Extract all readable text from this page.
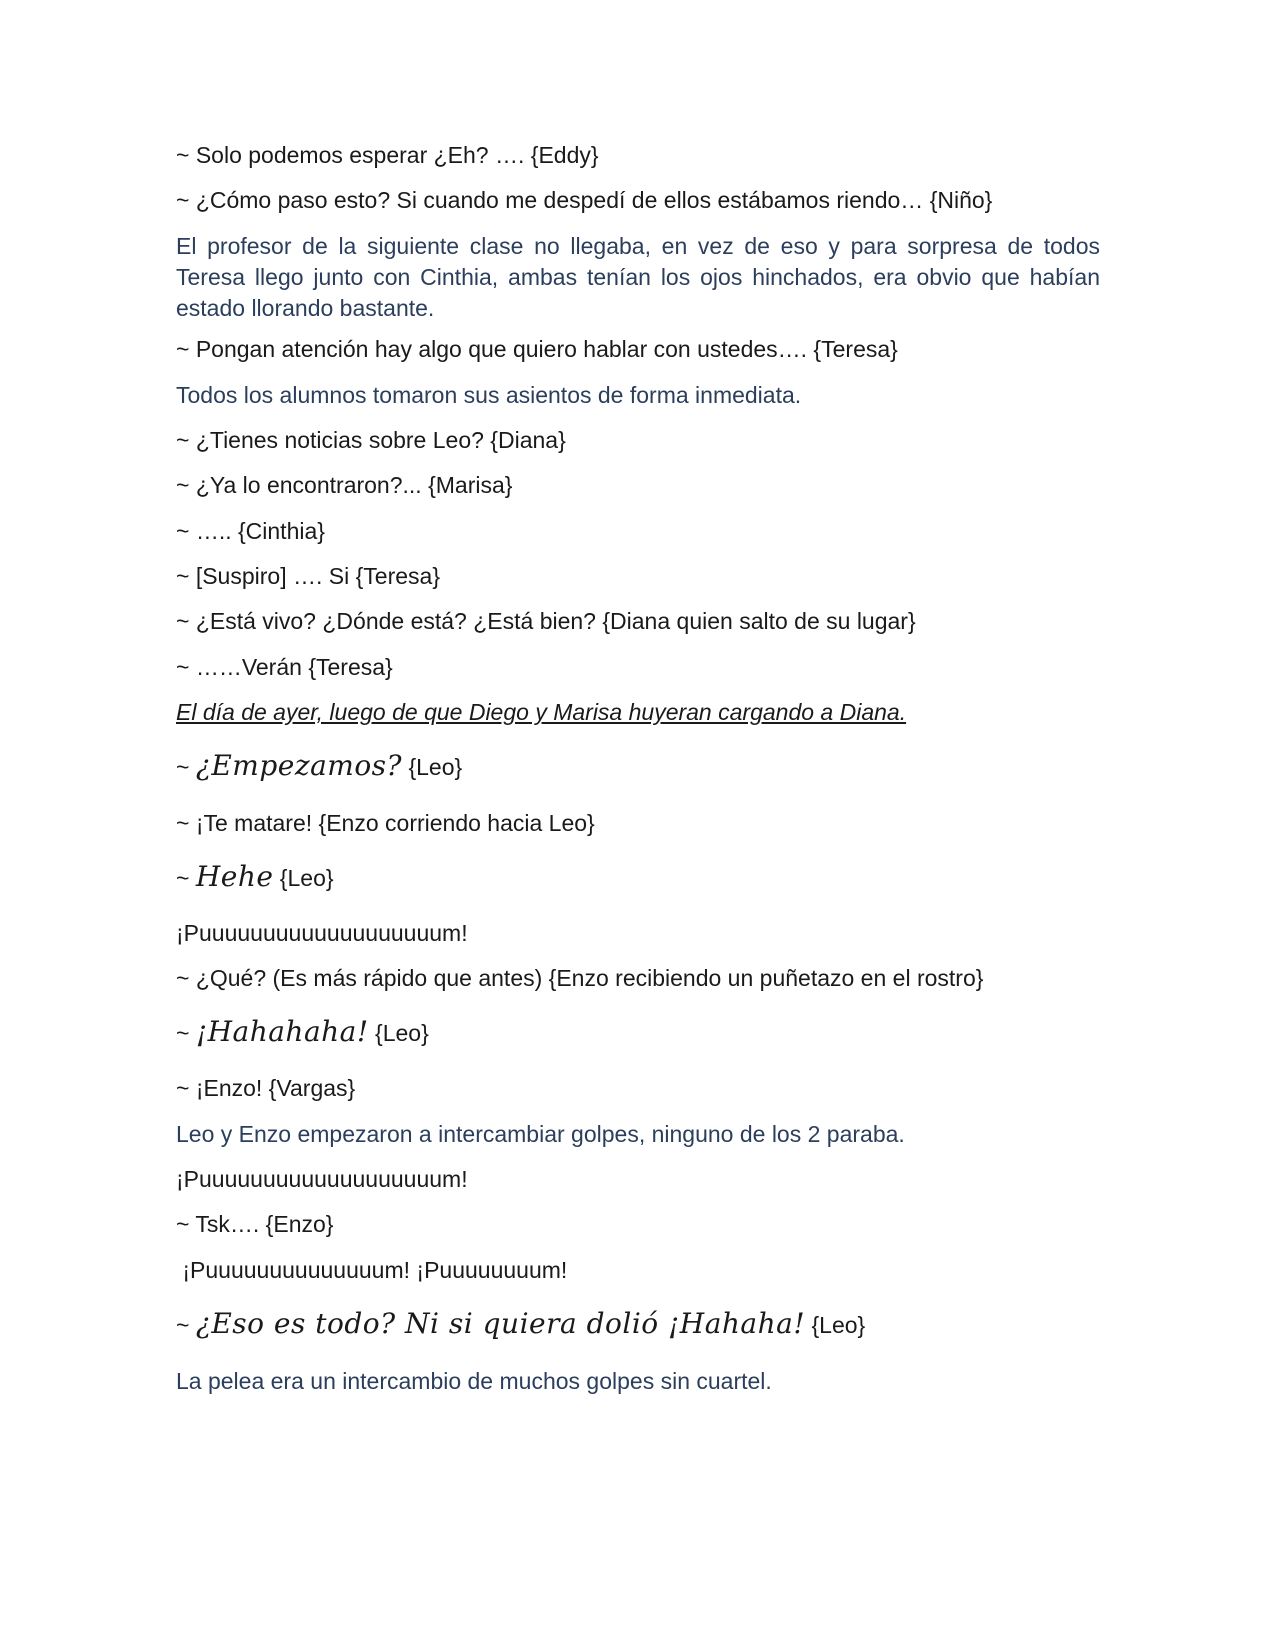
~ Solo podemos esperar ¿Eh? …. {Eddy}
~ ¿Cómo paso esto? Si cuando me despedí de ellos estábamos riendo… {Niño}
El profesor de la siguiente clase no llegaba, en vez de eso y para sorpresa de todos Teresa llego junto con Cinthia, ambas tenían los ojos hinchados, era obvio que habían estado llorando bastante.
~ Pongan atención hay algo que quiero hablar con ustedes…. {Teresa}
Todos los alumnos tomaron sus asientos de forma inmediata.
~ ¿Tienes noticias sobre Leo? {Diana}
~ ¿Ya lo encontraron?... {Marisa}
~ ….. {Cinthia}
~ [Suspiro] …. Si {Teresa}
~ ¿Está vivo? ¿Dónde está? ¿Está bien? {Diana quien salto de su lugar}
~ ……Verán {Teresa}
El día de ayer, luego de que Diego y Marisa huyeran cargando a Diana.
~ ¿Empezamos? {Leo}
~ ¡Te matare! {Enzo corriendo hacia Leo}
~ Hehe {Leo}
¡Puuuuuuuuuuuuuuuuuuum!
~ ¿Qué? (Es más rápido que antes) {Enzo recibiendo un puñetazo en el rostro}
~ ¡Hahahaha! {Leo}
~ ¡Enzo! {Vargas}
Leo y Enzo empezaron a intercambiar golpes, ninguno de los 2 paraba.
¡Puuuuuuuuuuuuuuuuuuum!
~ Tsk…. {Enzo}
¡Puuuuuuuuuuuuuum! ¡Puuuuuuuum!
~ ¿Eso es todo? Ni si quiera dolió ¡Hahaha! {Leo}
La pelea era un intercambio de muchos golpes sin cuartel.
